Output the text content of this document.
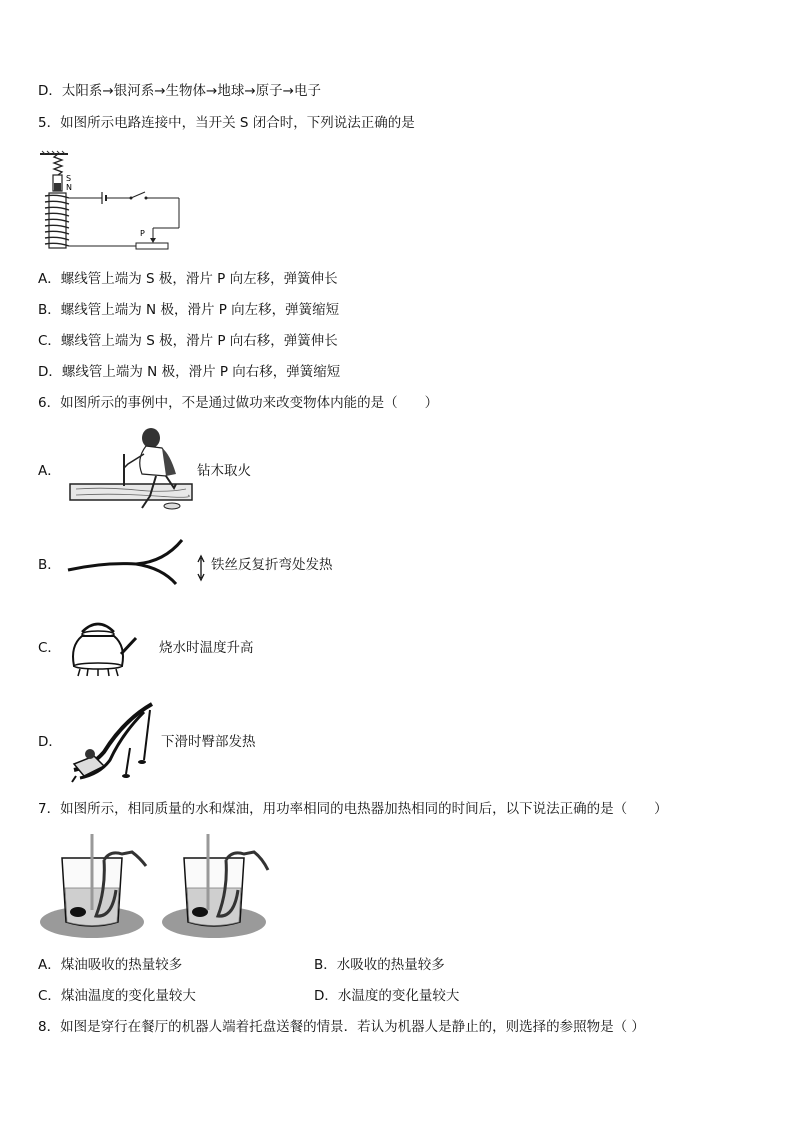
D．太阳系→银河系→生物体→地球→原子→电子
5．如图所示电路连接中，当开关 S 闭合时，下列说法正确的是
S
N
P
A．螺线管上端为 S 极，滑片 P 向左移，弹簧伸长
B．螺线管上端为 N 极，滑片 P 向左移，弹簧缩短
C．螺线管上端为 S 极，滑片 P 向右移，弹簧伸长
D．螺线管上端为 N 极，滑片 P 向右移，弹簧缩短
6．如图所示的事例中，不是通过做功来改变物体内能的是（　　）
A．	钻木取火
B．	铁丝反复折弯处发热
C．	烧水时温度升高
D．	下滑时臀部发热
7．如图所示，相同质量的水和煤油，用功率相同的电热器加热相同的时间后，以下说法正确的是（　　）
A．煤油吸收的热量较多	B．水吸收的热量较多
C．煤油温度的变化量较大	D．水温度的变化量较大
8．如图是穿行在餐厅的机器人端着托盘送餐的情景．若认为机器人是静止的，则选择的参照物是（ ）
